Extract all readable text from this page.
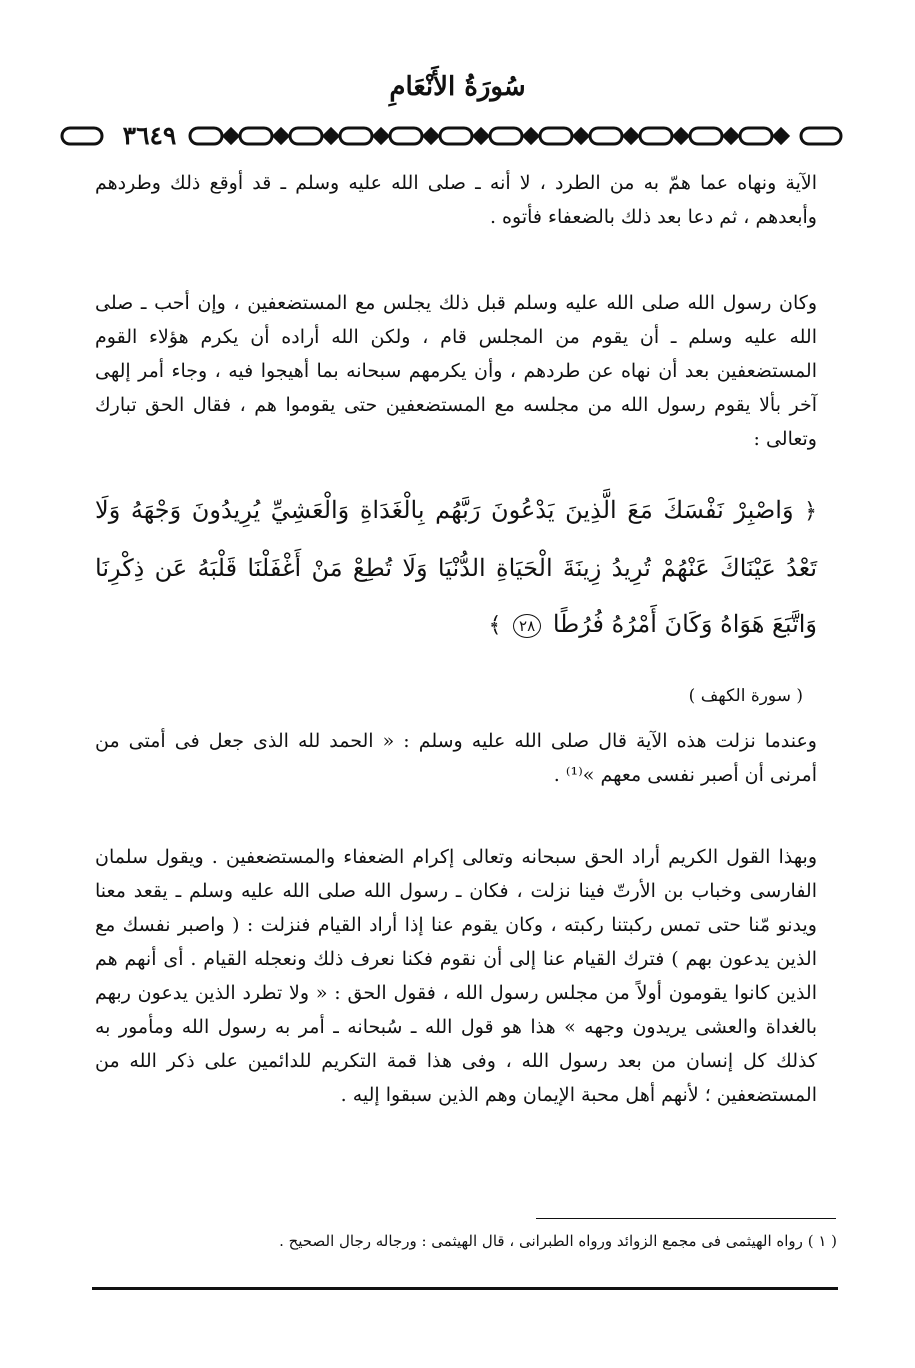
سُورَةُ الأَنْعَامِ
٣٦٤٩

الآية ونهاه عما همّ به من الطرد ، لا أنه ـ صلى الله عليه وسلم ـ قد أوقع ذلك وطردهم وأبعدهم ، ثم دعا بعد ذلك بالضعفاء فأتوه .

وكان رسول الله صلى الله عليه وسلم قبل ذلك يجلس مع المستضعفين ، وإن أحب ـ صلى الله عليه وسلم ـ أن يقوم من المجلس قام ، ولكن الله أراده أن يكرم هؤلاء القوم المستضعفين بعد أن نهاه عن طردهم ، وأن يكرمهم سبحانه بما أهيجوا فيه ، وجاء أمر إلهى آخر بألا يقوم رسول الله من مجلسه مع المستضعفين حتى يقوموا هم ، فقال الحق تبارك وتعالى :

﴿ وَاصْبِرْ نَفْسَكَ مَعَ الَّذِينَ يَدْعُونَ رَبَّهُم بِالْغَدَاةِ وَالْعَشِيِّ يُرِيدُونَ وَجْهَهُ وَلَا تَعْدُ عَيْنَاكَ عَنْهُمْ تُرِيدُ زِينَةَ الْحَيَاةِ الدُّنْيَا وَلَا تُطِعْ مَنْ أَغْفَلْنَا قَلْبَهُ عَن ذِكْرِنَا وَاتَّبَعَ هَوَاهُ وَكَانَ أَمْرُهُ فُرُطًا ٢٨ ﴾

( سورة الكهف )

وعندما نزلت هذه الآية قال صلى الله عليه وسلم : « الحمد لله الذى جعل فى أمتى من أمرنى أن أصبر نفسى معهم »⁽¹⁾ .

وبهذا القول الكريم أراد الحق سبحانه وتعالى إكرام الضعفاء والمستضعفين . ويقول سلمان الفارسى وخباب بن الأرتّ فينا نزلت ، فكان ـ رسول الله صلى الله عليه وسلم ـ يقعد معنا ويدنو مّنا حتى تمس ركبتنا ركبته ، وكان يقوم عنا إذا أراد القيام فنزلت : ( واصبر نفسك مع الذين يدعون بهم ) فترك القيام عنا إلى أن نقوم فكنا نعرف ذلك ونعجله القيام . أى أنهم هم الذين كانوا يقومون أولاً من مجلس رسول الله ، فقول الحق : « ولا تطرد الذين يدعون ربهم بالغداة والعشى يريدون وجهه » هذا هو قول الله ـ سُبحانه ـ أمر به رسول الله ومأمور به كذلك كل إنسان من بعد رسول الله ، وفى هذا قمة التكريم للدائمين على ذكر الله من المستضعفين ؛ لأنهم أهل محبة الإيمان وهم الذين سبقوا إليه .

( ١ ) رواه الهيثمى فى مجمع الزوائد ورواه الطبرانى ، قال الهيثمى : ورجاله رجال الصحيح .
